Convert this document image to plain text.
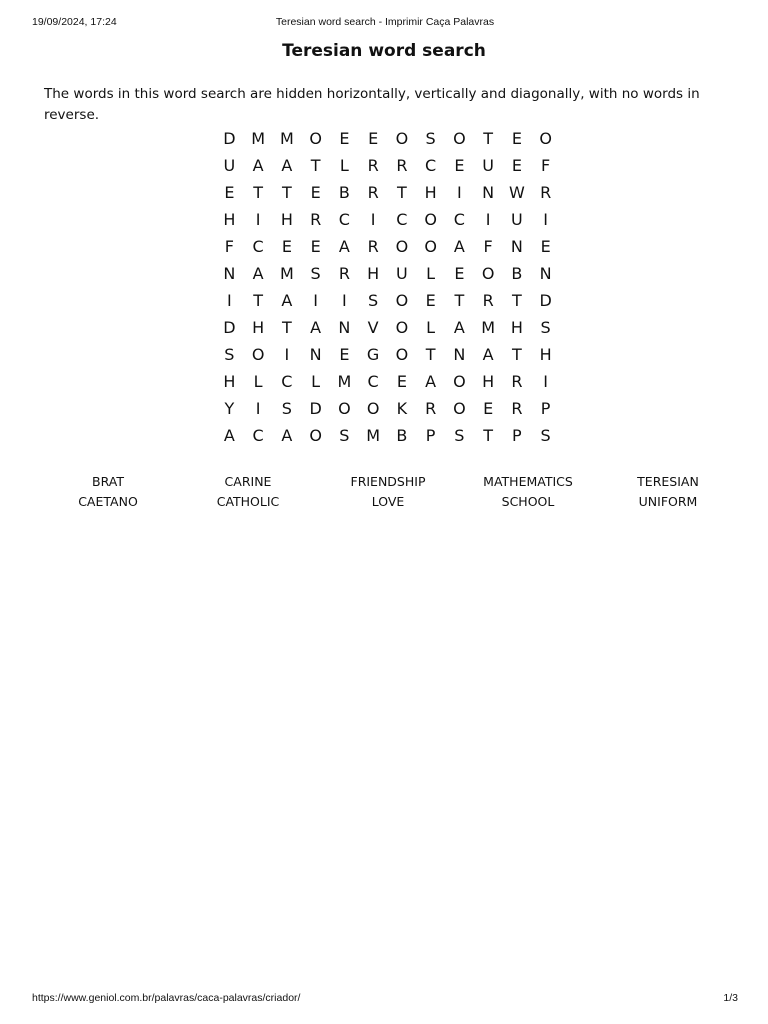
19/09/2024, 17:24	Teresian word search - Imprimir Caça Palavras
Teresian word search
The words in this word search are hidden horizontally, vertically and diagonally, with no words in reverse.
D M M O	E	E	O	S	O	T	E	O
U	A	A	T	L	R	R	C	E	U	E	F
E	T	T	E	B	R	T	H	I	N W R
H	I	H	R	C	I	C	O	C	I	U	I
F	C	E	E	A	R	O	O	A	F	N	E
N	A	M	S	R	H	U	L	E	O	B	N
I	T	A	I	I	S	O	E	T	R	T	D
D	H	T	A	N	V	O	L	A	M H	S
S	O	I	N	E	G	O	T	N	A	T	H
H	L	C	L	M	C	E	A	O	H	R	I
Y	I	S	D	O	O	K	R	O	E	R	P
A	C	A	O	S	M	B	P	S	T	P	S
BRAT	CARINE	FRIENDSHIP	MATHEMATICS	TERESIAN
CAETANO	CATHOLIC	LOVE	SCHOOL	UNIFORM
https://www.geniol.com.br/palavras/caca-palavras/criador/	1/3
